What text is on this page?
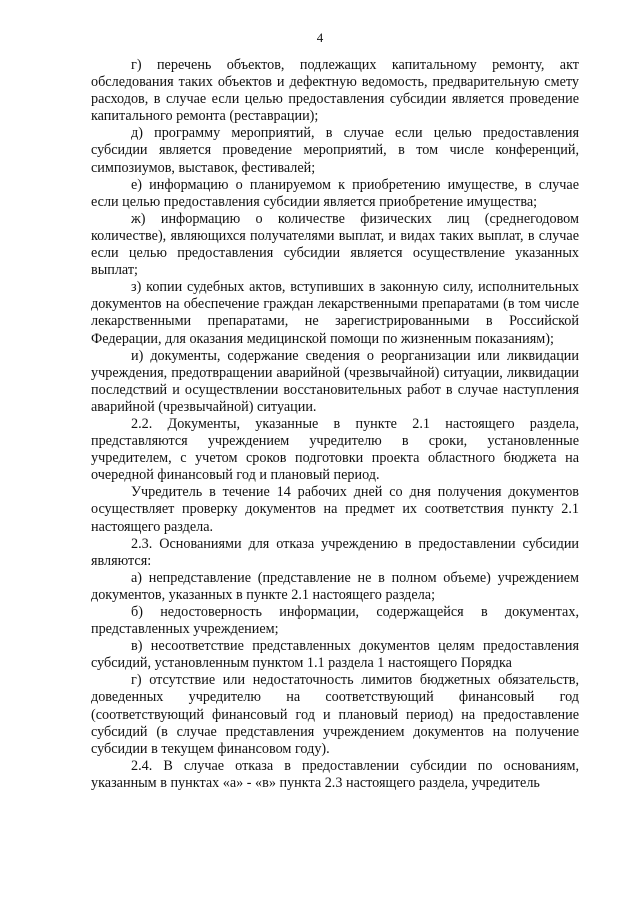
4

г) перечень объектов, подлежащих капитальному ремонту, акт обследования таких объектов и дефектную ведомость, предварительную смету расходов, в случае если целью предоставления субсидии является проведение капитального ремонта (реставрации);

д) программу мероприятий, в случае если целью предоставления субсидии является проведение мероприятий, в том числе конференций, симпозиумов, выставок, фестивалей;

е) информацию о планируемом к приобретению имуществе, в случае если целью предоставления субсидии является приобретение имущества;

ж) информацию о количестве физических лиц (среднегодовом количестве), являющихся получателями выплат, и видах таких выплат, в случае если целью предоставления субсидии является осуществление указанных выплат;

з) копии судебных актов, вступивших в законную силу, исполнительных документов на обеспечение граждан лекарственными препаратами (в том числе лекарственными препаратами, не зарегистрированными в Российской Федерации, для оказания медицинской помощи по жизненным показаниям);

и) документы, содержание сведения о реорганизации или ликвидации учреждения, предотвращении аварийной (чрезвычайной) ситуации, ликвидации последствий и осуществлении восстановительных работ в случае наступления аварийной (чрезвычайной) ситуации.

2.2. Документы, указанные в пункте 2.1 настоящего раздела, представляются учреждением учредителю в сроки, установленные учредителем, с учетом сроков подготовки проекта областного бюджета на очередной финансовый год и плановый период.

Учредитель в течение 14 рабочих дней со дня получения документов осуществляет проверку документов на предмет их соответствия пункту 2.1 настоящего раздела.

2.3. Основаниями для отказа учреждению в предоставлении субсидии являются:

а) непредставление (представление не в полном объеме) учреждением документов, указанных в пункте 2.1 настоящего раздела;

б) недостоверность информации, содержащейся в документах, представленных учреждением;

в) несоответствие представленных документов целям предоставления субсидий, установленным пунктом 1.1 раздела 1 настоящего Порядка

г) отсутствие или недостаточность лимитов бюджетных обязательств, доведенных учредителю на соответствующий финансовый год (соответствующий финансовый год и плановый период) на предоставление субсидий (в случае представления учреждением документов на получение субсидии в текущем финансовом году).

2.4. В случае отказа в предоставлении субсидии по основаниям, указанным в пунктах «а» - «в» пункта 2.3 настоящего раздела, учредитель
